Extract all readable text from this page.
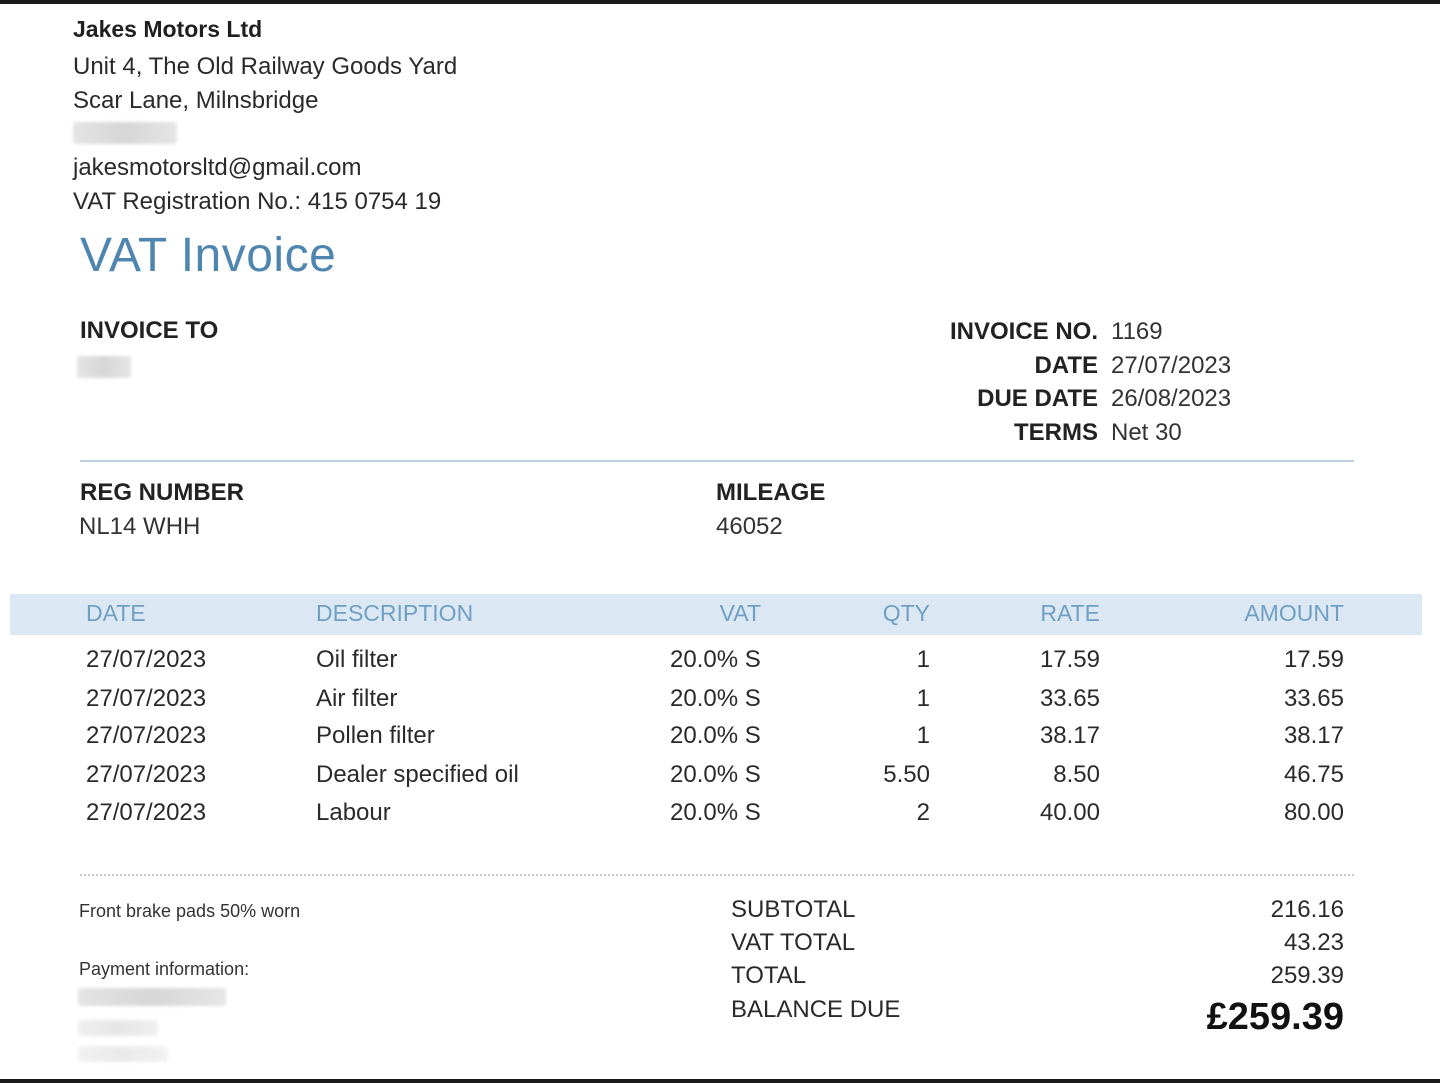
Jakes Motors Ltd
Unit 4, The Old Railway Goods Yard
Scar Lane, Milnsbridge
jakesmotorsltd@gmail.com
VAT Registration No.: 415 0754 19
VAT Invoice
INVOICE TO	INVOICE NO. 1169
DATE 27/07/2023
DUE DATE 26/08/2023
TERMS Net 30
REG NUMBER
NL14 WHH
MILEAGE
46052
DATE	DESCRIPTION	VAT	QTY	RATE	AMOUNT
27/07/2023	Oil filter	20.0% S	1	17.59	17.59
27/07/2023	Air filter	20.0% S	1	33.65	33.65
27/07/2023	Pollen filter	20.0% S	1	38.17	38.17
27/07/2023	Dealer specified oil	20.0% S	5.50	8.50	46.75
27/07/2023	Labour	20.0% S	2	40.00	80.00
Front brake pads 50% worn
Payment information:
SUBTOTAL	216.16
VAT TOTAL	43.23
TOTAL	259.39
BALANCE DUE	£259.39
